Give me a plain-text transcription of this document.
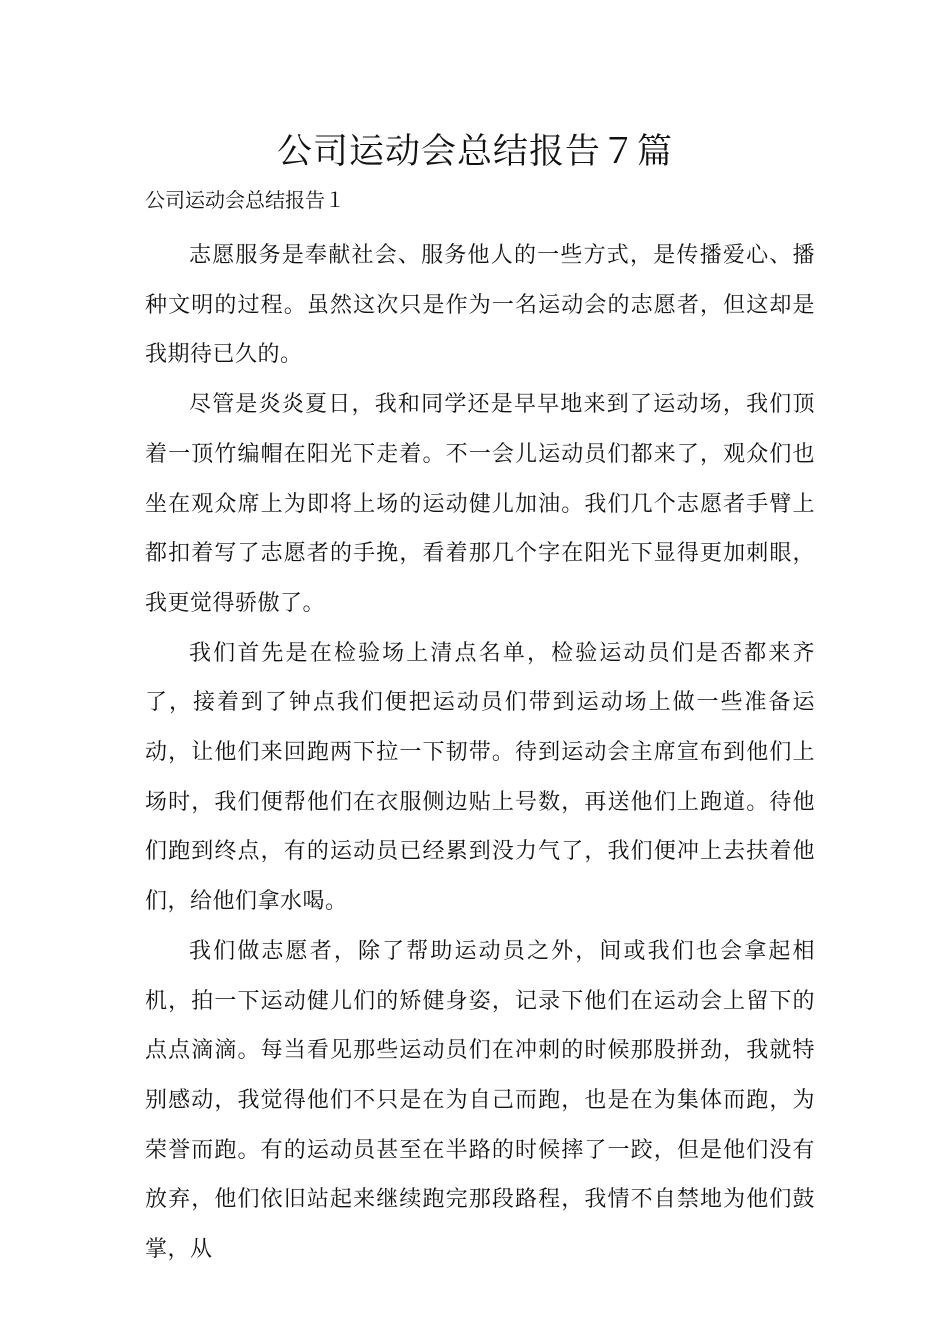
公司运动会总结报告７篇

公司运动会总结报告１

志愿服务是奉献社会、服务他人的一些方式，是传播爱心、播种文明的过程。虽然这次只是作为一名运动会的志愿者，但这却是我期待已久的。

尽管是炎炎夏日，我和同学还是早早地来到了运动场，我们顶着一顶竹编帽在阳光下走着。不一会儿运动员们都来了，观众们也坐在观众席上为即将上场的运动健儿加油。我们几个志愿者手臂上都扣着写了志愿者的手挽，看着那几个字在阳光下显得更加刺眼，我更觉得骄傲了。

我们首先是在检验场上清点名单，检验运动员们是否都来齐了，接着到了钟点我们便把运动员们带到运动场上做一些准备运动，让他们来回跑两下拉一下韧带。待到运动会主席宣布到他们上场时，我们便帮他们在衣服侧边贴上号数，再送他们上跑道。待他们跑到终点，有的运动员已经累到没力气了，我们便冲上去扶着他们，给他们拿水喝。

我们做志愿者，除了帮助运动员之外，间或我们也会拿起相机，拍一下运动健儿们的矫健身姿，记录下他们在运动会上留下的点点滴滴。每当看见那些运动员们在冲刺的时候那股拼劲，我就特别感动，我觉得他们不只是在为自己而跑，也是在为集体而跑，为荣誉而跑。有的运动员甚至在半路的时候摔了一跤，但是他们没有放弃，他们依旧站起来继续跑完那段路程，我情不自禁地为他们鼓掌，从
